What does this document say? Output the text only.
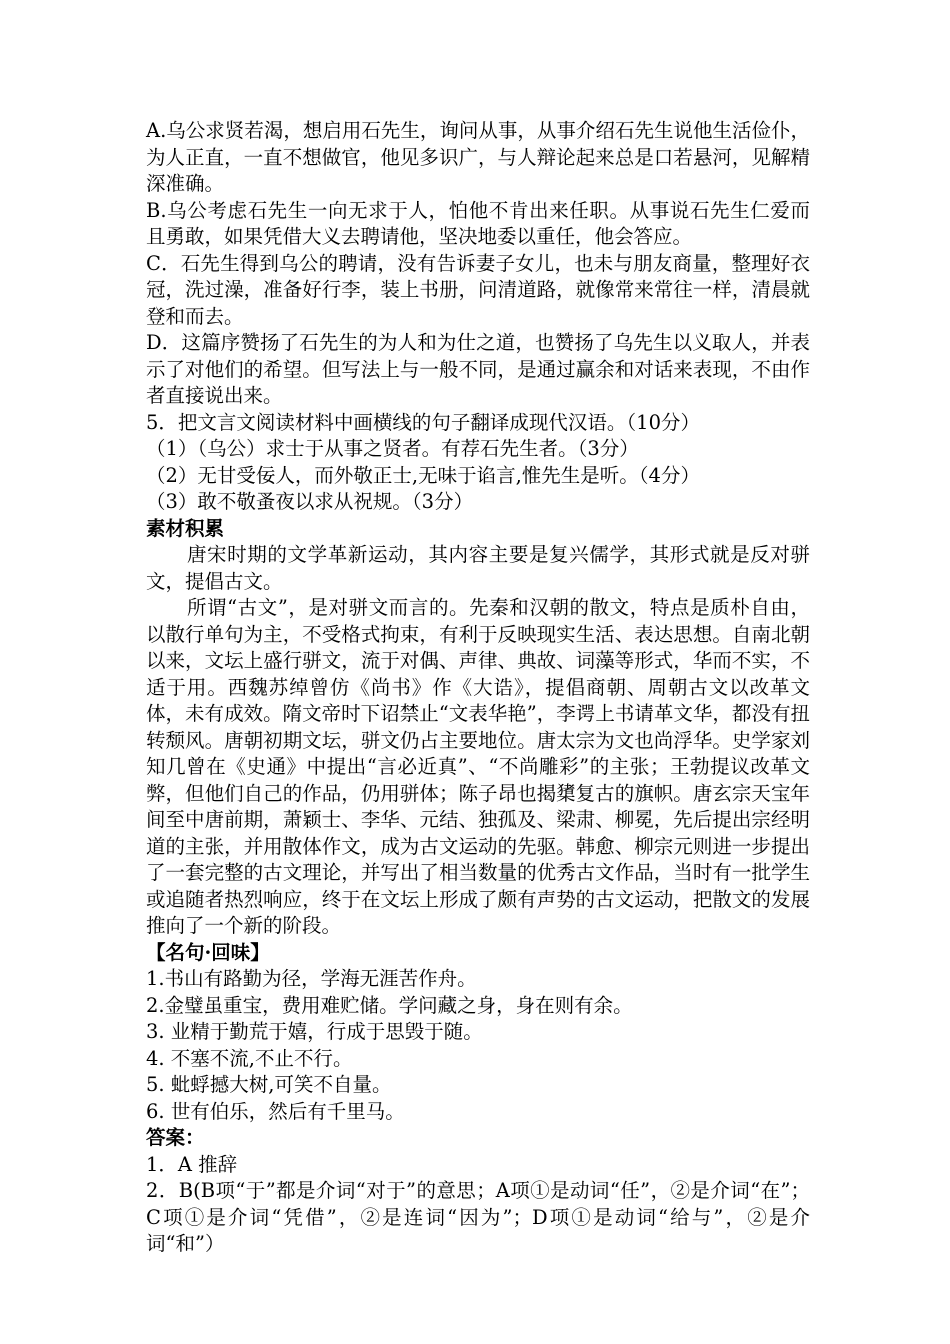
A.乌公求贤若渴，想启用石先生，询问从事，从事介绍石先生说他生活俭仆，为人正直，一直不想做官，他见多识广，与人辩论起来总是口若悬河，见解精深准确。

B.乌公考虑石先生一向无求于人，怕他不肯出来任职。从事说石先生仁爱而且勇敢，如果凭借大义去聘请他，坚决地委以重任，他会答应。

C．石先生得到乌公的聘请，没有告诉妻子女儿，也未与朋友商量，整理好衣冠，洗过澡，准备好行李，装上书册，问清道路，就像常来常往一样，清晨就登和而去。

D．这篇序赞扬了石先生的为人和为仕之道，也赞扬了乌先生以义取人，并表示了对他们的希望。但写法上与一般不同，是通过赢余和对话来表现，不由作者直接说出来。

5．把文言文阅读材料中画横线的句子翻译成现代汉语。（10分）

（1）（乌公）求士于从事之贤者。有荐石先生者。（3分）

（2）无甘受佞人，而外敬正士,无味于谄言,惟先生是听。（4分）

（3）敢不敬蚤夜以求从祝规。（3分）

素材积累

唐宋时期的文学革新运动，其内容主要是复兴儒学，其形式就是反对骈文，提倡古文。

所谓“古文”，是对骈文而言的。先秦和汉朝的散文，特点是质朴自由，以散行单句为主，不受格式拘束，有利于反映现实生活、表达思想。自南北朝以来，文坛上盛行骈文，流于对偶、声律、典故、词藻等形式，华而不实，不适于用。西魏苏绰曾仿《尚书》作《大诰》，提倡商朝、周朝古文以改革文体，未有成效。隋文帝时下诏禁止“文表华艳”，李谔上书请革文华，都没有扭转颓风。唐朝初期文坛，骈文仍占主要地位。唐太宗为文也尚浮华。史学家刘知几曾在《史通》中提出“言必近真”、“不尚雕彩”的主张；王勃提议改革文弊，但他们自己的作品，仍用骈体；陈子昂也揭橥复古的旗帜。唐玄宗天宝年间至中唐前期，萧颖士、李华、元结、独孤及、梁肃、柳冕，先后提出宗经明道的主张，并用散体作文，成为古文运动的先驱。韩愈、柳宗元则进一步提出了一套完整的古文理论，并写出了相当数量的优秀古文作品，当时有一批学生或追随者热烈响应，终于在文坛上形成了颇有声势的古文运动，把散文的发展推向了一个新的阶段。

【名句·回味】

1.书山有路勤为径，学海无涯苦作舟。

2.金璧虽重宝，费用难贮储。学问藏之身，身在则有余。

3. 业精于勤荒于嬉，行成于思毁于随。

4. 不塞不流,不止不行。

5. 蚍蜉撼大树,可笑不自量。

6. 世有伯乐，然后有千里马。

答案：

1．A 推辞

2．B(B项“于”都是介词“对于”的意思；A项①是动词“任”，②是介词“在”；C项①是介词“凭借”，②是连词“因为”；D项①是动词“给与”，②是介词“和”）
